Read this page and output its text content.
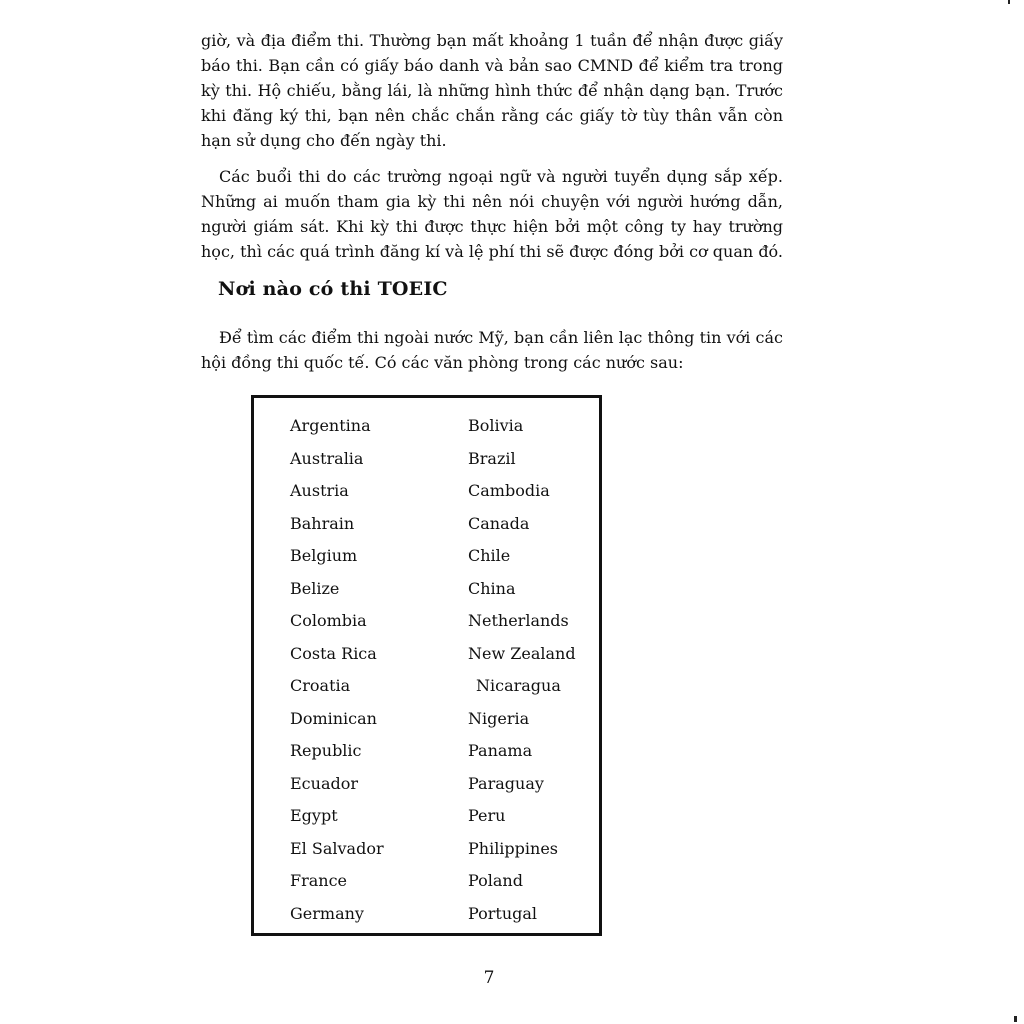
giờ, và địa điểm thi. Thường bạn mất khoảng 1 tuần để nhận được giấy
báo thi. Bạn cần có giấy báo danh và bản sao CMND để kiểm tra trong
kỳ thi. Hộ chiếu, bằng lái, là những hình thức để nhận dạng bạn. Trước
khi đăng ký thi, bạn nên chắc chắn rằng các giấy tờ tùy thân vẫn còn
hạn sử dụng cho đến ngày thi.
Các buổi thi do các trường ngoại ngữ và người tuyển dụng sắp xếp.
Những ai muốn tham gia kỳ thi nên nói chuyện với người hướng dẫn,
người giám sát. Khi kỳ thi được thực hiện bởi một công ty hay trường
học, thì các quá trình đăng kí và lệ phí thi sẽ được đóng bởi cơ quan đó.
Nơi nào có thi TOEIC
Để tìm các điểm thi ngoài nước Mỹ, bạn cần liên lạc thông tin với các
hội đồng thi quốc tế. Có các văn phòng trong các nước sau:
Argentina
Australia
Austria
Bahrain
Belgium
Belize
Colombia
Costa Rica
Croatia
Dominican
Republic
Ecuador
Egypt
El Salvador
France
Germany
Bolivia
Brazil
Cambodia
Canada
Chile
China
Netherlands
New Zealand
Nicaragua
Nigeria
Panama
Paraguay
Peru
Philippines
Poland
Portugal
7
